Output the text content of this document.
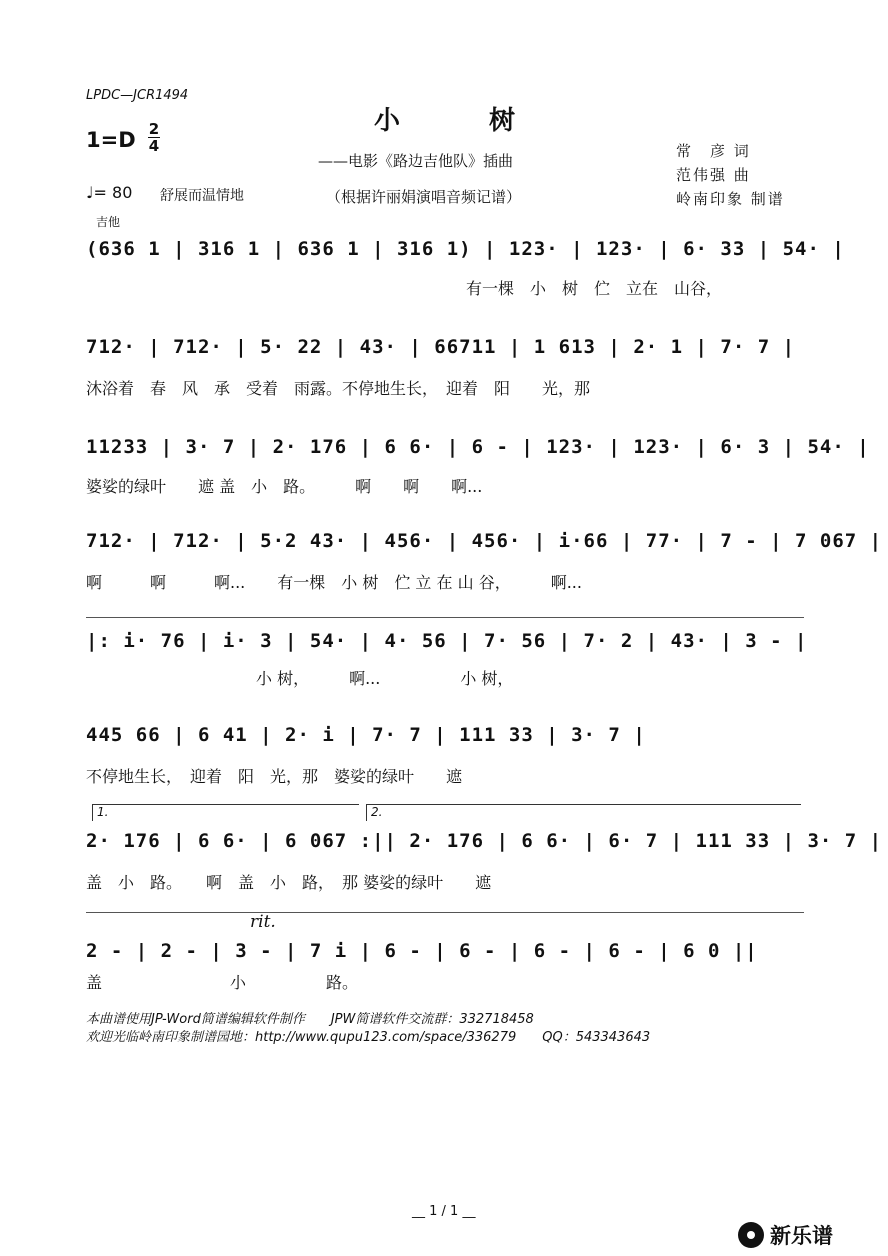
LPDC—JCR1494
小 树
——电影《路边吉他队》插曲
（根据许丽娟演唱音频记谱）
常　彦 词
范伟强 曲
岭南印象 制谱
1=D 2
4
♩= 80 舒展而温情地
吉他
(636 1 | 316 1 | 636 1 | 316 1) | 123· | 123· | 6· 33 | 54· |
有一棵　小　树　伫　立在　山谷，
712· | 712· | 5· 22 | 43· | 66711 | 1 613 | 2· 1 | 7· 7 |
沐浴着　春　风　承　受着　雨露。不停地生长，　迎着　阳　　光，那
11233 | 3· 7 | 2· 176 | 6 6· | 6 - | 123· | 123· | 6· 3 | 54· |
婆娑的绿叶　　遮 盖　小　路。　　　啊　　啊　　啊...
712· | 712· | 5·2 43· | 456· | 456· | i·66 | 77· | 7 - | 7 067 |
啊　　　啊　　　啊...　　有一棵　小 树　伫 立 在 山 谷，　　　啊...
|: i· 76 | i· 3 | 54· | 4· 56 | 7· 56 | 7· 2 | 43· | 3 - |
小 树，　　　啊...　　　　　小 树，
445 66 | 6 41 | 2· i | 7· 7 | 111 33 | 3· 7 |
不停地生长，　迎着　阳　光，那　婆娑的绿叶　　遮
1.	2.
2· 176 | 6 6· | 6 067 :|| 2· 176 | 6 6· | 6· 7 | 111 33 | 3· 7 |
盖　小　路。　　啊　盖　小　路，　那 婆娑的绿叶　　遮
rit.
2 - | 2 - | 3 - | 7 i | 6 - | 6 - | 6 - | 6 - | 6 0 ||
盖　　　　　　　　小　　　　　路。
本曲谱使用JP-Word简谱编辑软件制作　　JPW简谱软件交流群：332718458
欢迎光临岭南印象制谱园地：http://www.qupu123.com/space/336279　　QQ：543343643
__ 1 / 1 __
新乐谱
